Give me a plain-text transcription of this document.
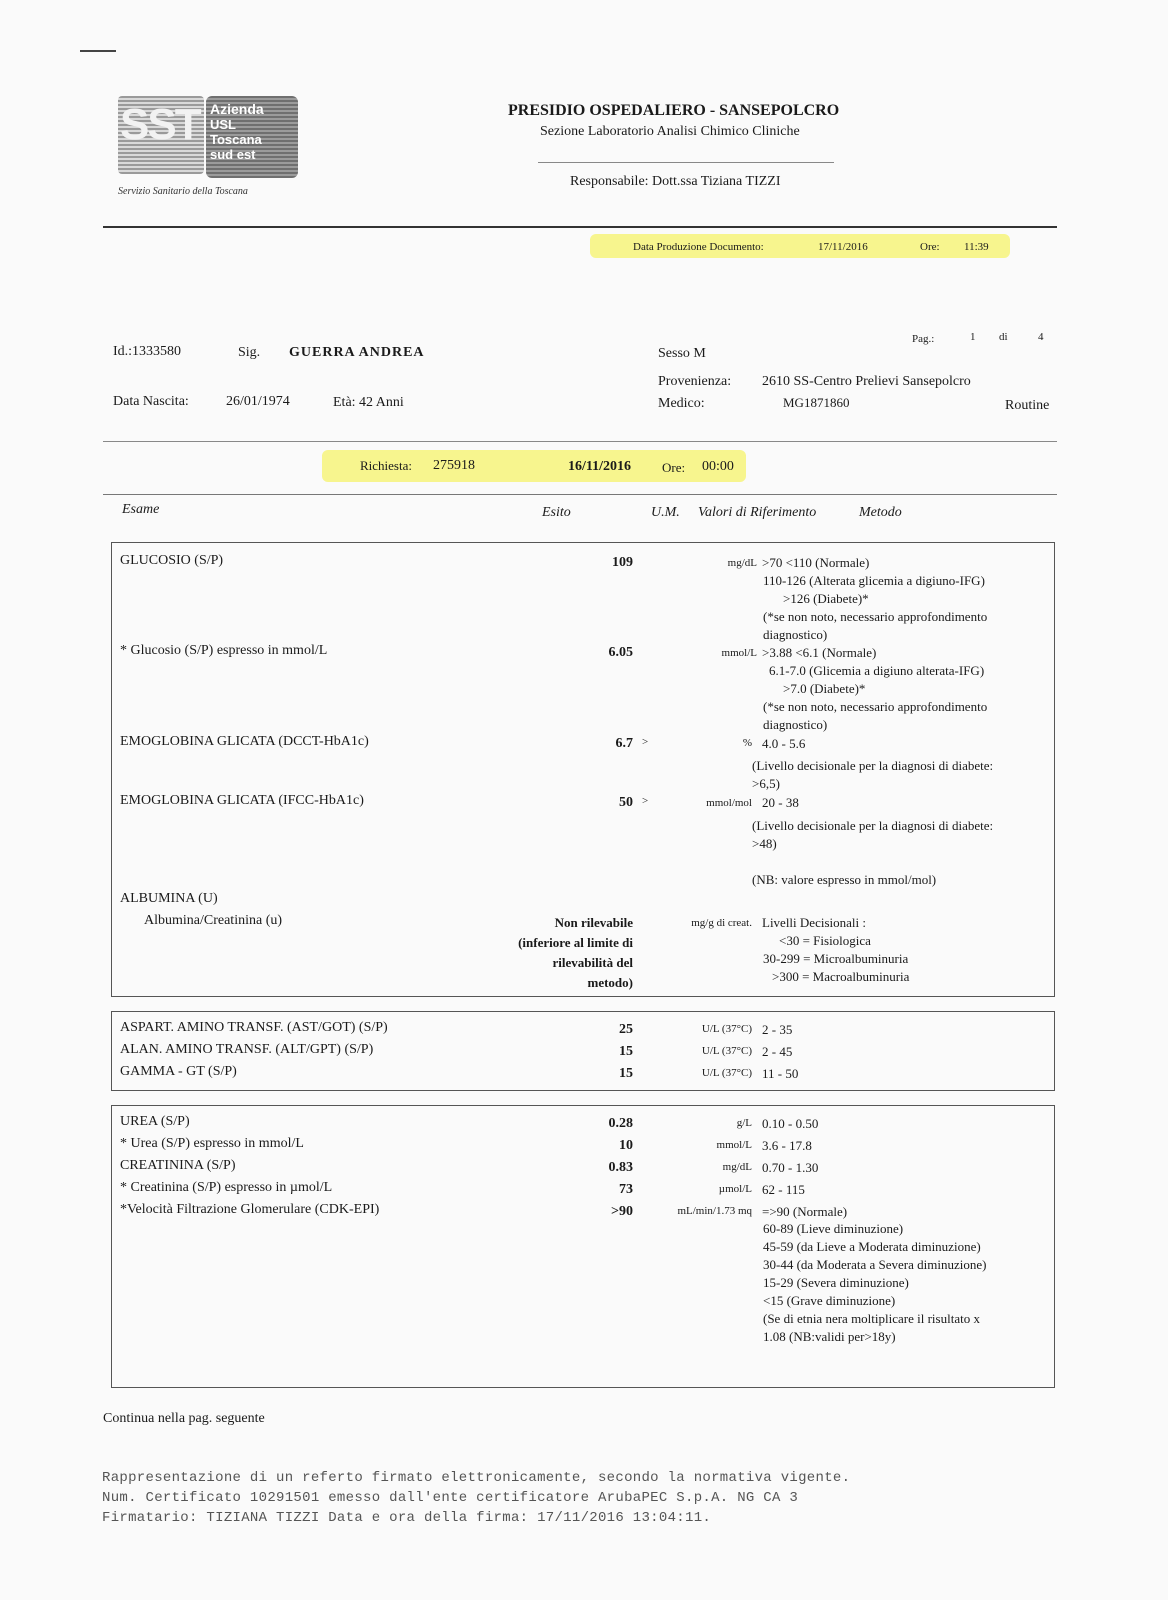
SST Azienda
USL
Toscana
sud est
Servizio Sanitario della Toscana
PRESIDIO OSPEDALIERO - SANSEPOLCRO
Sezione Laboratorio Analisi Chimico Cliniche
Responsabile: Dott.ssa Tiziana TIZZI
Data Produzione Documento:	17/11/2016	Ore: 11:39
Id.:1333580	Sig. GUERRA ANDREA	Sesso M
Pag.:	1 di	4
Data Nascita:	26/01/1974	Età: 42 Anni
Provenienza: 2610 SS-Centro Prelievi Sansepolcro
Medico:	MG1871860	Routine
Richiesta: 275918	16/11/2016 Ore: 00:00
Esame	Esito	U.M. Valori di Riferimento	Metodo
GLUCOSIO (S/P)	109	mg/dL >70 <110 (Normale)
110-126 (Alterata glicemia a digiuno-IFG)
>126 (Diabete)*
(*se non noto, necessario approfondimento
diagnostico)
* Glucosio (S/P) espresso in mmol/L	6.05	mmol/L >3.88 <6.1 (Normale)
6.1-7.0 (Glicemia a digiuno alterata-IFG)
>7.0 (Diabete)*
(*se non noto, necessario approfondimento
diagnostico)
EMOGLOBINA GLICATA (DCCT-HbA1c)	6.7 >	% 4.0 - 5.6
(Livello decisionale per la diagnosi di diabete:
>6,5)
EMOGLOBINA GLICATA (IFCC-HbA1c)	50 >	mmol/mol 20 - 38
(Livello decisionale per la diagnosi di diabete:
>48)
(NB: valore espresso in mmol/mol)
ALBUMINA (U)
Albumina/Creatinina (u)	Non rilevabile
(inferiore al limite di
rilevabilità del
metodo)
mg/g di creat. Livelli Decisionali :
<30 = Fisiologica
30-299 = Microalbuminuria
>300 = Macroalbuminuria
ASPART. AMINO TRANSF. (AST/GOT) (S/P)	25	U/L (37°C) 2 - 35
ALAN. AMINO TRANSF. (ALT/GPT) (S/P)	15	U/L (37°C) 2 - 45
GAMMA - GT (S/P)	15	U/L (37°C) 11 - 50
UREA (S/P)	0.28	g/L 0.10 - 0.50
* Urea (S/P) espresso in mmol/L	10	mmol/L 3.6 - 17.8
CREATININA (S/P)	0.83	mg/dL 0.70 - 1.30
* Creatinina (S/P) espresso in µmol/L	73	µmol/L 62 - 115
*Velocità Filtrazione Glomerulare (CDK-EPI)	>90	mL/min/1.73 mq =>90 (Normale)
60-89 (Lieve diminuzione)
45-59 (da Lieve a Moderata diminuzione)
30-44 (da Moderata a Severa diminuzione)
15-29 (Severa diminuzione)
<15 (Grave diminuzione)
(Se di etnia nera moltiplicare il risultato x
1.08 (NB:validi per>18y)
Continua nella pag. seguente
Rappresentazione di un referto firmato elettronicamente, secondo la normativa vigente.
Num. Certificato 10291501 emesso dall'ente certificatore ArubaPEC S.p.A. NG CA 3
Firmatario: TIZIANA TIZZI Data e ora della firma: 17/11/2016 13:04:11.
